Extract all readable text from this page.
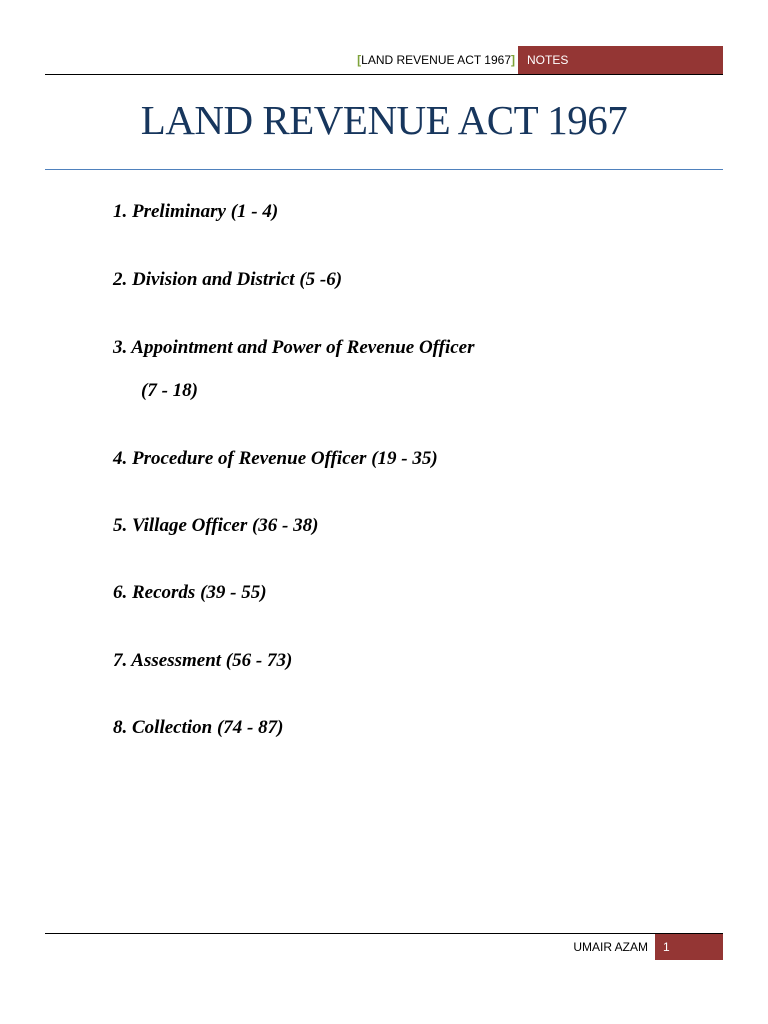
[LAND REVENUE ACT 1967]	NOTES
LAND REVENUE ACT 1967
1. Preliminary (1 - 4)
2. Division and District (5 -6)
3. Appointment and Power of Revenue Officer
(7 - 18)
4. Procedure of Revenue Officer (19 - 35)
5. Village Officer (36 - 38)
6. Records (39 - 55)
7. Assessment (56 - 73)
8. Collection (74 - 87)
UMAIR AZAM	1
